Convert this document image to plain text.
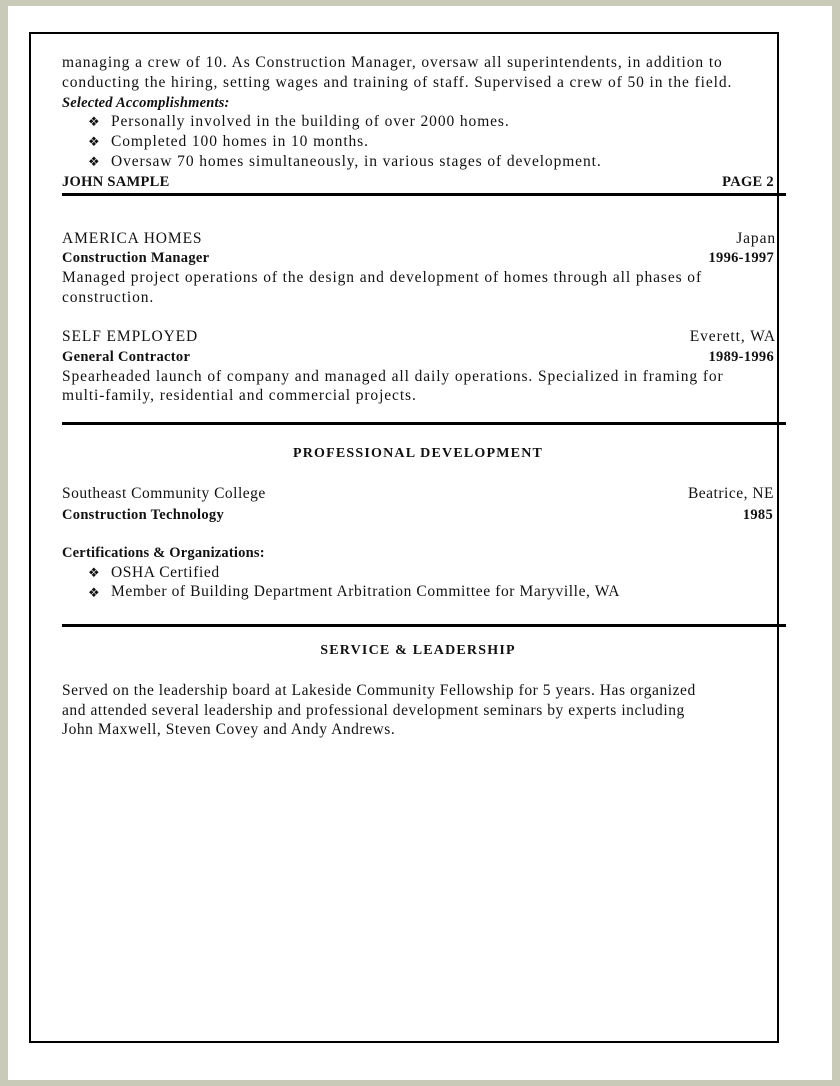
managing a crew of 10. As Construction Manager, oversaw all superintendents, in addition to
conducting the hiring, setting wages and training of staff. Supervised a crew of 50 in the field.
Selected Accomplishments:
❖ Personally involved in the building of over 2000 homes.
❖ Completed 100 homes in 10 months.
❖ Oversaw 70 homes simultaneously, in various stages of development.
JOHN SAMPLE	PAGE 2
AMERICA HOMES	Japan
Construction Manager	1996-1997
Managed project operations of the design and development of homes through all phases of
construction.
SELF EMPLOYED	Everett, WA
General Contractor	1989-1996
Spearheaded launch of company and managed all daily operations. Specialized in framing for
multi-family, residential and commercial projects.
PROFESSIONAL DEVELOPMENT
Southeast Community College	Beatrice, NE
Construction Technology	1985
Certifications & Organizations:
❖ OSHA Certified
❖ Member of Building Department Arbitration Committee for Maryville, WA
SERVICE & LEADERSHIP
Served on the leadership board at Lakeside Community Fellowship for 5 years. Has organized
and attended several leadership and professional development seminars by experts including
John Maxwell, Steven Covey and Andy Andrews.
